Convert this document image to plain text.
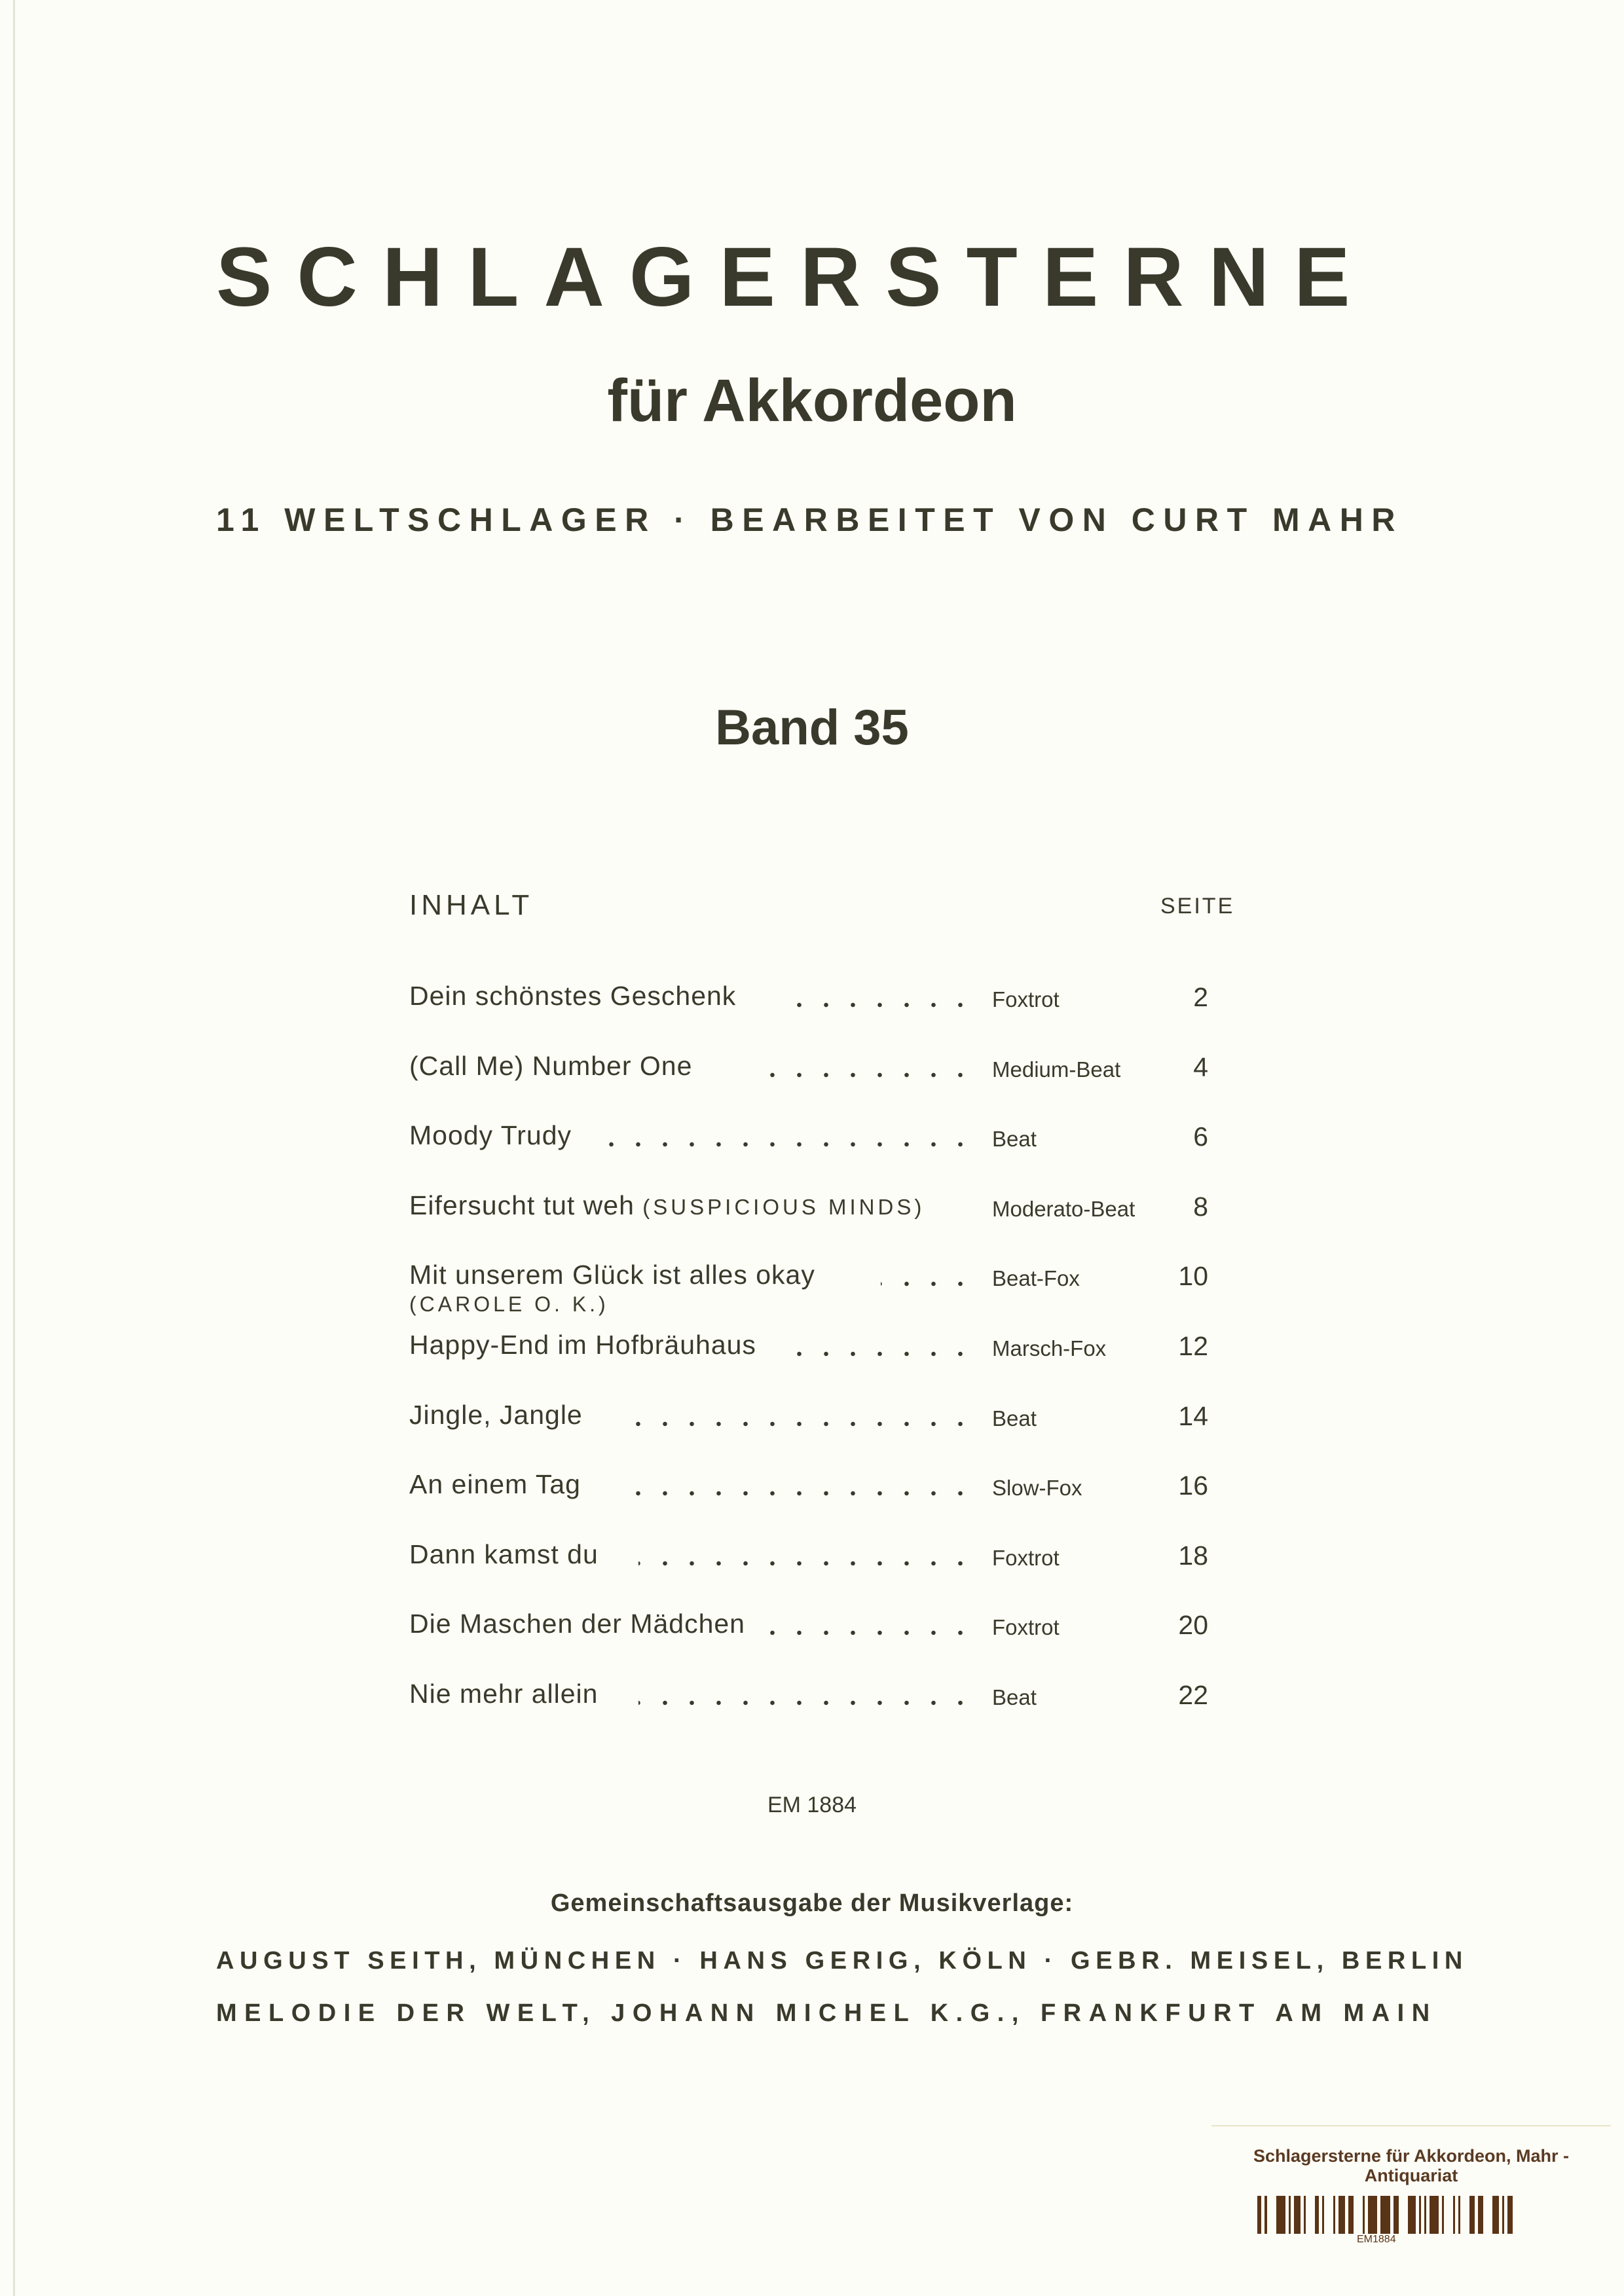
SCHLAGERSTERNE
für Akkordeon
11 WELTSCHLAGER · BEARBEITET VON CURT MAHR
Band 35
INHALT	SEITE
Dein schönstes Geschenk	Foxtrot	2
(Call Me) Number One	Medium-Beat	4
Moody Trudy	Beat	6
Eifersucht tut weh (SUSPICIOUS MINDS)	Moderato-Beat	8
Mit unserem Glück ist alles okay
(CAROLE O. K.)
Beat-Fox	10
Happy-End im Hofbräuhaus	Marsch-Fox	12
Jingle, Jangle	Beat	14
An einem Tag	Slow-Fox	16
Dann kamst du	Foxtrot	18
Die Maschen der Mädchen	Foxtrot	20
Nie mehr allein	Beat	22
EM 1884
Gemeinschaftsausgabe der Musikverlage:
AUGUST SEITH, MÜNCHEN · HANS GERIG, KÖLN · GEBR. MEISEL, BERLIN
MELODIE DER WELT, JOHANN MICHEL K.G., FRANKFURT AM MAIN
Schlagersterne für Akkordeon, Mahr -
Antiquariat
EM1884
